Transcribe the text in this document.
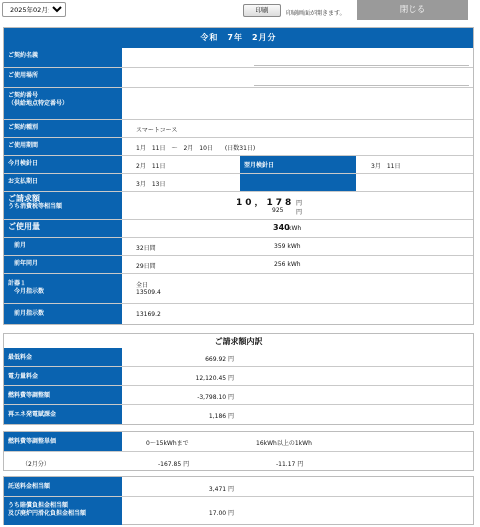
2025年02月分
印刷	印刷画面が開きます。	閉じる
令和　7年　2月分
ご契約名義
ご使用場所
ご契約番号
（供給地点特定番号）
ご契約種別	スマートコース
ご使用期間	1月　11日　～　2月　10日　　(日数31日)
今月検針日	2月　11日	翌月検針日	3月　11日
お支払期日	3月　13日
ご請求額
うち消費税等相当額	10，178 円
925 円
ご使用量	340
kWh
前月	32日間	359 kWh
前年同月	29日間	256 kWh
計器１
今月指示数
全日
13509.4
前月指示数	13169.2
ご請求額内訳
最低料金	669.92 円
電力量料金	12,120.45 円
燃料費等調整額	-3,798.10 円
再エネ発電賦課金	1,186 円
燃料費等調整単価	0～15kWhまで	16kWh以上の1kWh
（2月分）	-167.85 円	-11.17 円
託送料金相当額	3,471 円
うち賠償負担金相当額
及び廃炉円滑化負担金相当額	17.00 円
